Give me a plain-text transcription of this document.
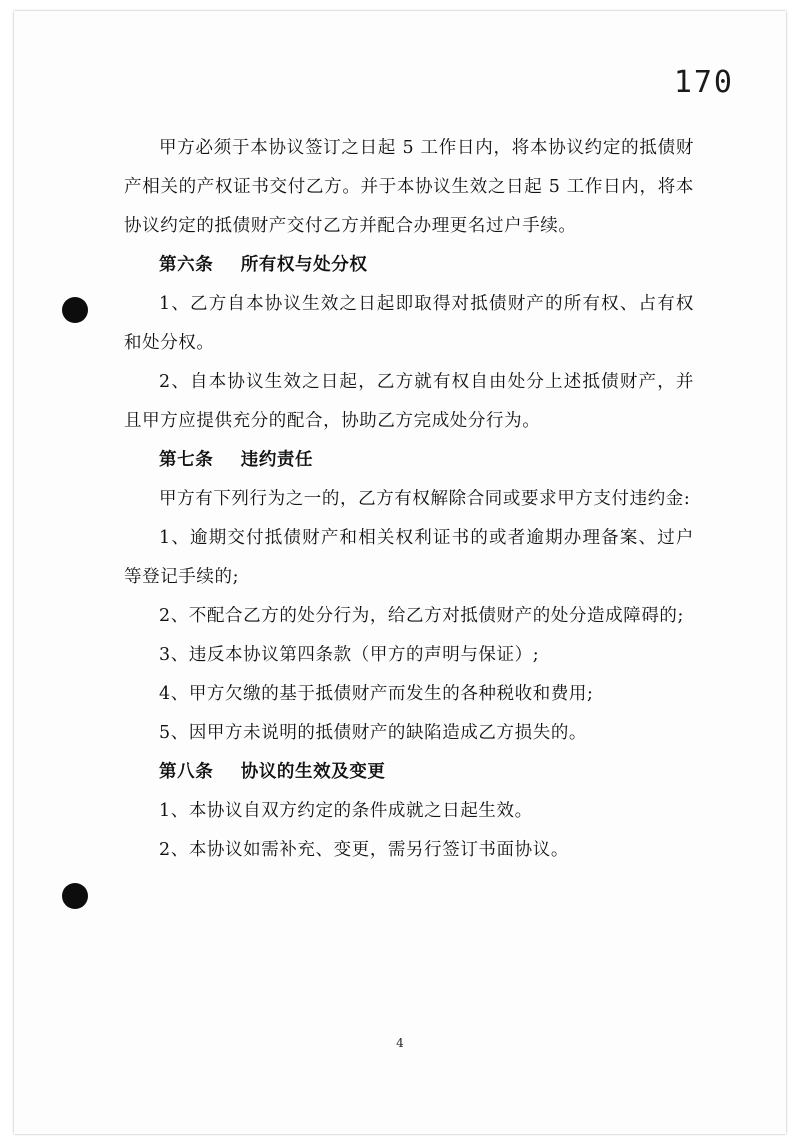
170

甲方必须于本协议签订之日起 5 工作日内，将本协议约定的抵债财产相关的产权证书交付乙方。并于本协议生效之日起 5 工作日内，将本协议约定的抵债财产交付乙方并配合办理更名过户手续。

第六条 所有权与处分权

1、乙方自本协议生效之日起即取得对抵债财产的所有权、占有权和处分权。

2、自本协议生效之日起，乙方就有权自由处分上述抵债财产，并且甲方应提供充分的配合，协助乙方完成处分行为。

第七条 违约责任

甲方有下列行为之一的，乙方有权解除合同或要求甲方支付违约金:

1、逾期交付抵债财产和相关权利证书的或者逾期办理备案、过户等登记手续的;

2、不配合乙方的处分行为，给乙方对抵债财产的处分造成障碍的;

3、违反本协议第四条款（甲方的声明与保证）;

4、甲方欠缴的基于抵债财产而发生的各种税收和费用;

5、因甲方未说明的抵债财产的缺陷造成乙方损失的。

第八条 协议的生效及变更

1、本协议自双方约定的条件成就之日起生效。

2、本协议如需补充、变更，需另行签订书面协议。

4
